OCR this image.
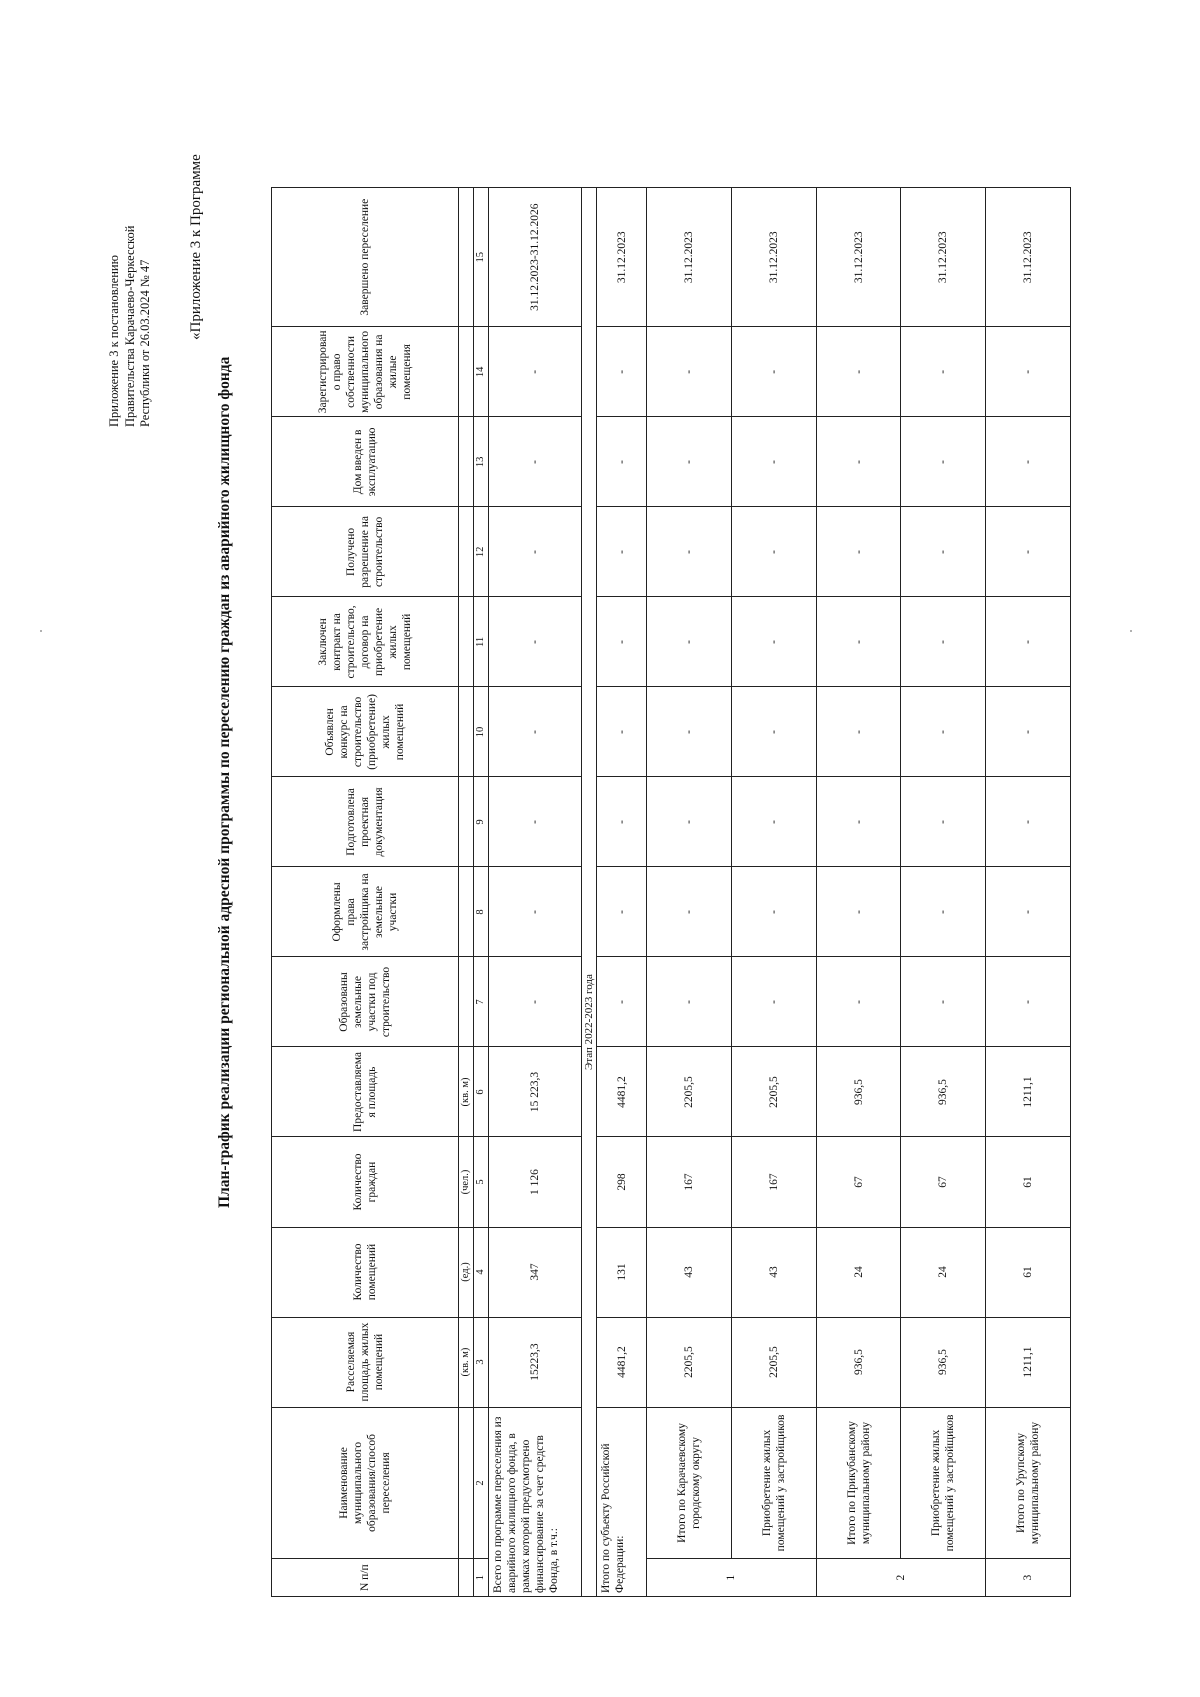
Приложение 3 к постановлению Правительства Карачаево-Черкесской Республики от 26.03.2024 № 47
«Приложение 3 к Программе
План-график реализации региональной адресной программы по переселению граждан из аварийного жилищного фонда
N п/п	Наименование муниципального образования/способ переселения	Расселяемая площадь жилых помещений	Количество помещений	Количество граждан	Предоставляемая площадь	Образованы земельные участки под строительство	Оформлены права застройщика на земельные участки	Подготовлена проектная документация	Объявлен конкурс на строительство (приобретение) жилых помещений	Заключен контракт на строительство, договор на приобретение жилых помещений	Получено разрешение на строительство	Дом введен в эксплуатацию	Зарегистрировано право собственности муниципального образования на жилые помещения	Завершено переселение
		(кв. м)	(ед.)	(чел.)	(кв. м)									
1	2	3	4	5	6	7	8	9	10	11	12	13	14	15
Всего по программе переселения из аварийного жилищного фонда, в рамках которой предусмотрено финансирование за счет средств Фонда, в т.ч.:		15223,3	347	1 126	15 223,3	-	-	-	-	-	-	-	-	31.12.2023-31.12.2026
Этап 2022-2023 года														
Итого по субъекту Российской Федерации:		4481,2	131	298	4481,2	-	-	-	-	-	-	-	-	31.12.2023
1	Итого по Карачаевскому городскому округу	2205,5	43	167	2205,5	-	-	-	-	-	-	-	-	31.12.2023
	Приобретение жилых помещений у застройщиков	2205,5	43	167	2205,5	-	-	-	-	-	-	-	-	31.12.2023
2	Итого по Прикубанскому муниципальному району	936,5	24	67	936,5	-	-	-	-	-	-	-	-	31.12.2023
	Приобретение жилых помещений у застройщиков	936,5	24	67	936,5	-	-	-	-	-	-	-	-	31.12.2023
3	Итого по Урупскому муниципальному району	1211,1	61	61	1211,1	-	-	-	-	-	-	-	-	31.12.2023
